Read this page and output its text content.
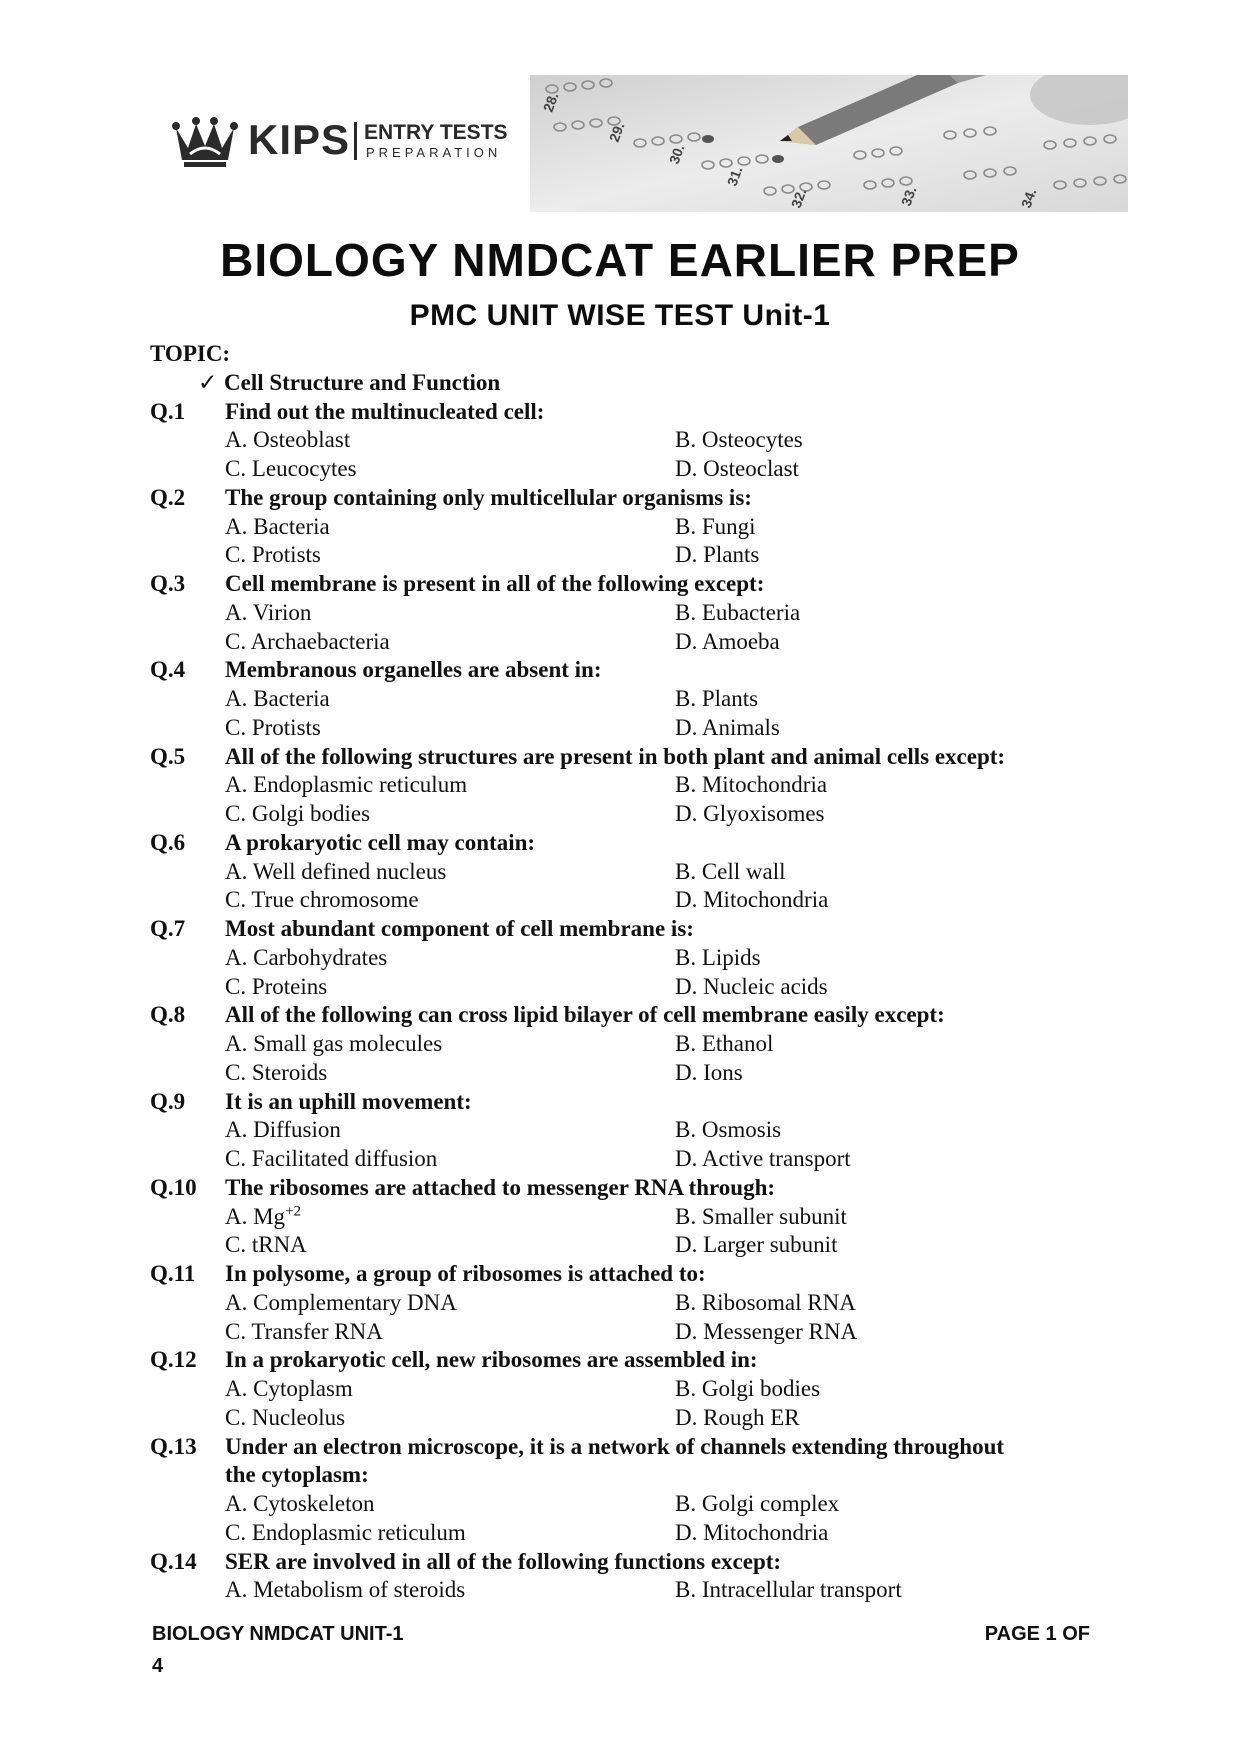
KIPS ENTRY TESTS
PREPARATION
28.
29.
30.
31.
32.	33.	34.
BIOLOGY NMDCAT EARLIER PREP
PMC UNIT WISE TEST Unit-1
TOPIC:
✓ Cell Structure and Function
Q.1	Find out the multinucleated cell:
A. Osteoblast	B. Osteocytes
C. Leucocytes	D. Osteoclast
Q.2	The group containing only multicellular organisms is:
A. Bacteria	B. Fungi
C. Protists	D. Plants
Q.3	Cell membrane is present in all of the following except:
A. Virion	B. Eubacteria
C. Archaebacteria	D. Amoeba
Q.4	Membranous organelles are absent in:
A. Bacteria	B. Plants
C. Protists	D. Animals
Q.5	All of the following structures are present in both plant and animal cells except:
A. Endoplasmic reticulum	B. Mitochondria
C. Golgi bodies	D. Glyoxisomes
Q.6	A prokaryotic cell may contain:
A. Well defined nucleus	B. Cell wall
C. True chromosome	D. Mitochondria
Q.7	Most abundant component of cell membrane is:
A. Carbohydrates	B. Lipids
C. Proteins	D. Nucleic acids
Q.8	All of the following can cross lipid bilayer of cell membrane easily except:
A. Small gas molecules	B. Ethanol
C. Steroids	D. Ions
Q.9	It is an uphill movement:
A. Diffusion	B. Osmosis
C. Facilitated diffusion	D. Active transport
Q.10	The ribosomes are attached to messenger RNA through:
A. $Mg^{+2}$	B. Smaller subunit
C. tRNA	D. Larger subunit
Q.11	In polysome, a group of ribosomes is attached to:
A. Complementary DNA	B. Ribosomal RNA
C. Transfer RNA	D. Messenger RNA
Q.12	In a prokaryotic cell, new ribosomes are assembled in:
A. Cytoplasm	B. Golgi bodies
C. Nucleolus	D. Rough ER
Q.13	Under an electron microscope, it is a network of channels extending throughout
the cytoplasm:
A. Cytoskeleton	B. Golgi complex
C. Endoplasmic reticulum	D. Mitochondria
Q.14	SER are involved in all of the following functions except:
A. Metabolism of steroids	B. Intracellular transport
BIOLOGY NMDCAT UNIT-1	PAGE 1 OF
4
